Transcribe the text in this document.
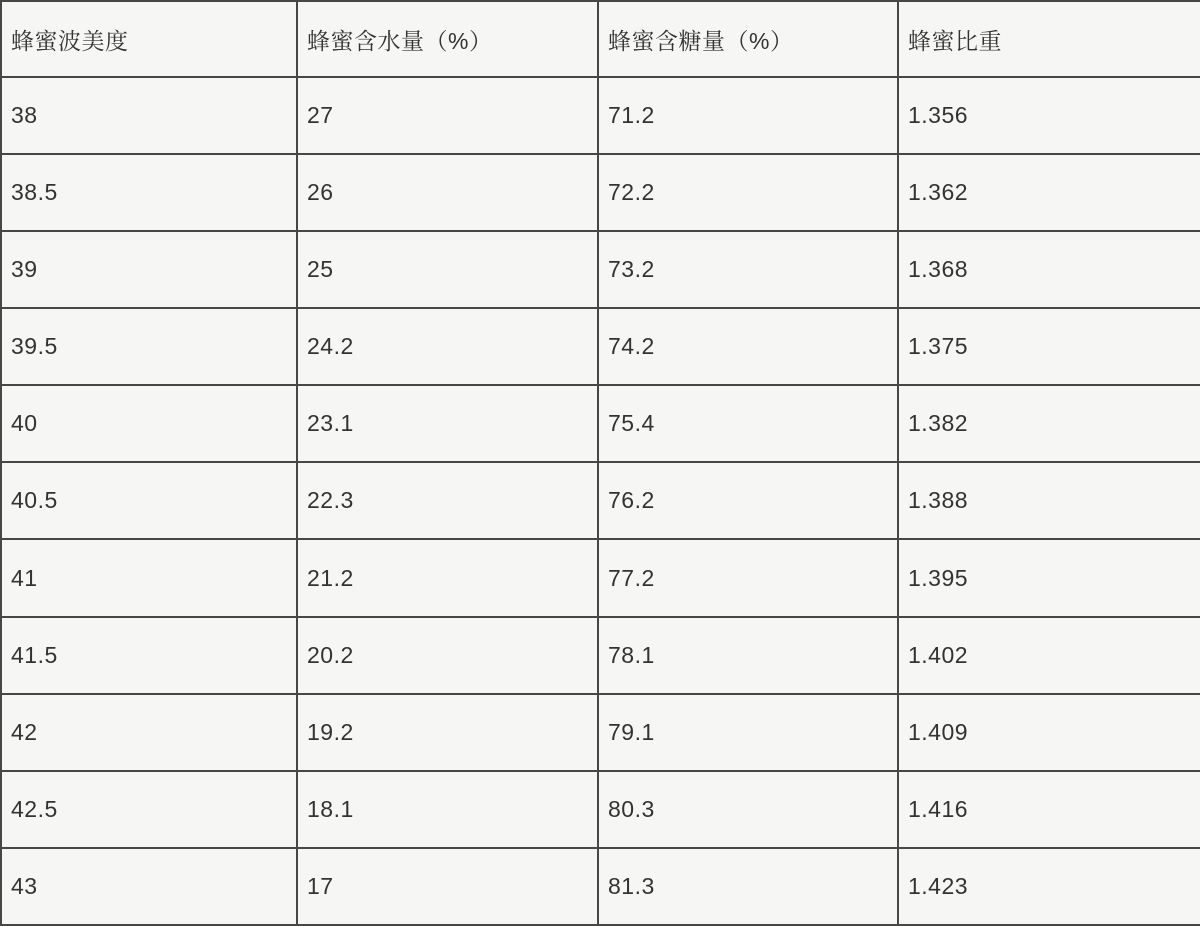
蜂蜜波美度	蜂蜜含水量（%）	蜂蜜含糖量（%）	蜂蜜比重
38	27	71.2	1.356
38.5	26	72.2	1.362
39	25	73.2	1.368
39.5	24.2	74.2	1.375
40	23.1	75.4	1.382
40.5	22.3	76.2	1.388
41	21.2	77.2	1.395
41.5	20.2	78.1	1.402
42	19.2	79.1	1.409
42.5	18.1	80.3	1.416
43	17	81.3	1.423
